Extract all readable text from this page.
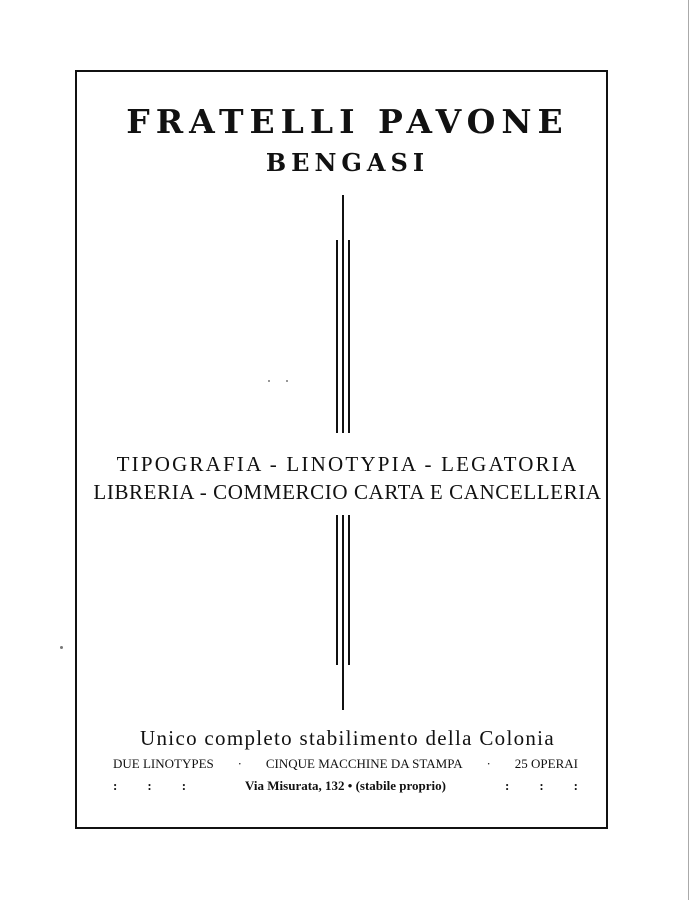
FRATELLI PAVONE
BENGASI
TIPOGRAFIA - LINOTYPIA - LEGATORIA
LIBRERIA - COMMERCIO CARTA E CANCELLERIA
Unico completo stabilimento della Colonia
DUE LINOTYPES · CINQUE MACCHINE DA STAMPA · 25 OPERAI
: : :	Via Misurata, 132 • (stabile proprio)	: : :
